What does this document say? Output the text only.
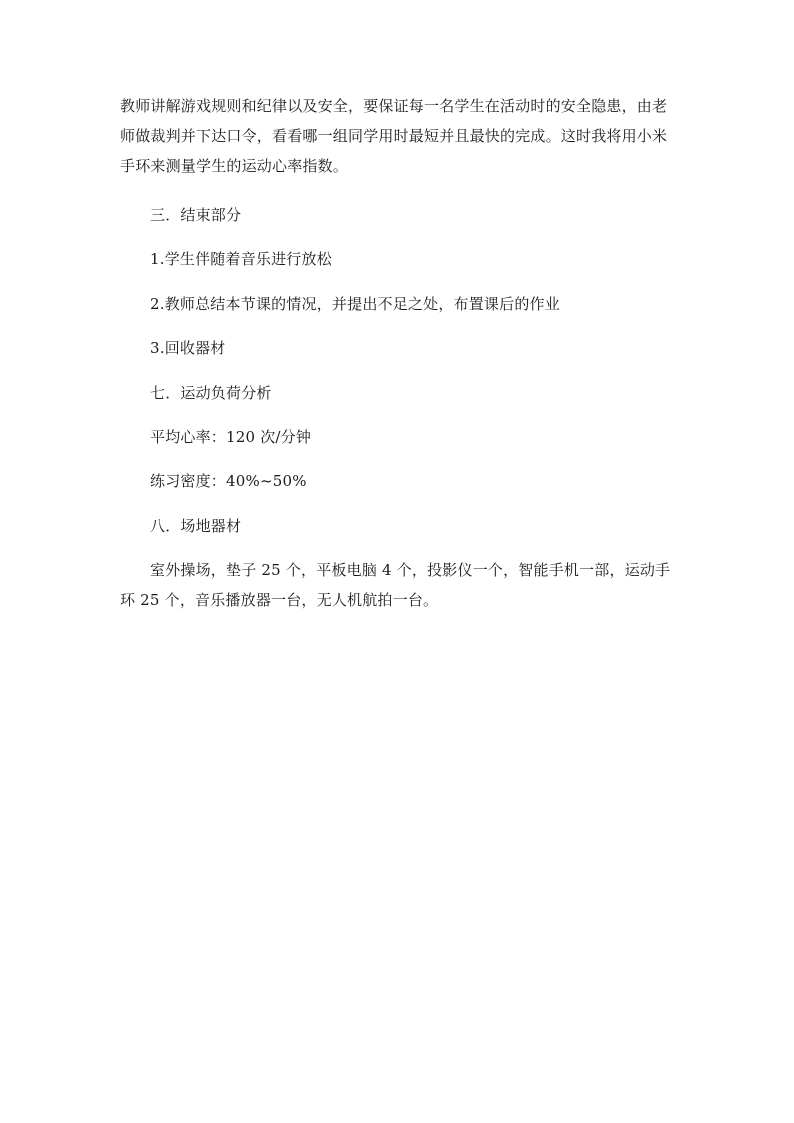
教师讲解游戏规则和纪律以及安全，要保证每一名学生在活动时的安全隐患，由老师做裁判并下达口令，看看哪一组同学用时最短并且最快的完成。这时我将用小米手环来测量学生的运动心率指数。
三．结束部分
1.学生伴随着音乐进行放松
2.教师总结本节课的情况，并提出不足之处，布置课后的作业
3.回收器材
七．运动负荷分析
平均心率：120 次/分钟
练习密度：40%~50%
八．场地器材
室外操场，垫子 25 个，平板电脑 4 个，投影仪一个，智能手机一部，运动手环 25 个，音乐播放器一台，无人机航拍一台。
